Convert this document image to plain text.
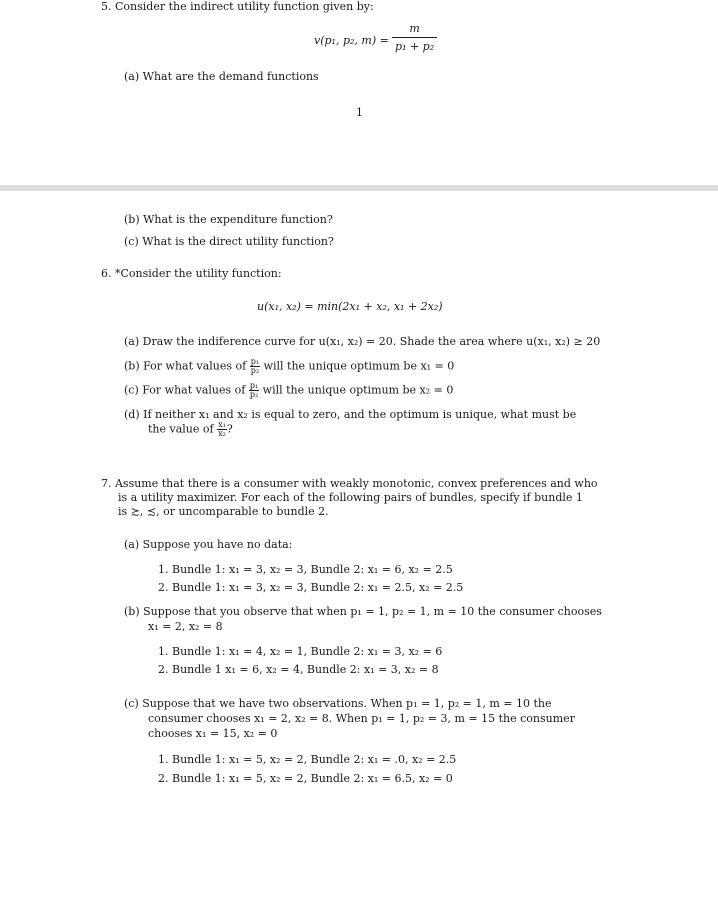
5. Consider the indirect utility function given by:
v(p₁, p₂, $m) = \frac{m}{\text{p₁ + p₂}}$
(a) What are the demand functions
1
(b) What is the expenditure function?
(c) What is the direct utility function?
6. *Consider the utility function:
u(x₁, x₂) = min(2x₁ + x₂, x₁ + 2x₂)
(a) Draw the indiference curve for u(x₁, x₂) = 20. Shade the area where u(x₁, x₂) ≥ 20
(b) For what values of $\frac{\text{p₁}}{\text{p₂}}$ will the unique optimum be x₁ = 0
(c) For what values of $\frac{\text{p₁}}{\text{p₂}}$ will the unique optimum be x₂ = 0
(d) If neither x₁ and x₂ is equal to zero, and the optimum is unique, what must be
the value of $\frac{\text{x₁}}{\text{x₂}}$ ?
7. Assume that there is a consumer with weakly monotonic, convex preferences and who
is a utility maximizer. For each of the following pairs of bundles, specify if bundle 1
is ≿, ≾, or uncomparable to bundle 2.
(a) Suppose you have no data:
1. Bundle 1: x₁ = 3, x₂ = 3, Bundle 2: x₁ = 6, x₂ = 2.5
2. Bundle 1: x₁ = 3, x₂ = 3, Bundle 2: x₁ = 2.5, x₂ = 2.5
(b) Suppose that you observe that when p₁ = 1, p₂ = 1, m = 10 the consumer chooses
x₁ = 2, x₂ = 8
1. Bundle 1: x₁ = 4, x₂ = 1, Bundle 2: x₁ = 3, x₂ = 6
2. Bundle 1 x₁ = 6, x₂ = 4, Bundle 2: x₁ = 3, x₂ = 8
(c) Suppose that we have two observations. When p₁ = 1, p₂ = 1, m = 10 the
consumer chooses x₁ = 2, x₂ = 8. When p₁ = 1, p₂ = 3, m = 15 the consumer
chooses x₁ = 15, x₂ = 0
1. Bundle 1: x₁ = 5, x₂ = 2, Bundle 2: x₁ = .0, x₂ = 2.5
2. Bundle 1: x₁ = 5, x₂ = 2, Bundle 2: x₁ = 6.5, x₂ = 0
